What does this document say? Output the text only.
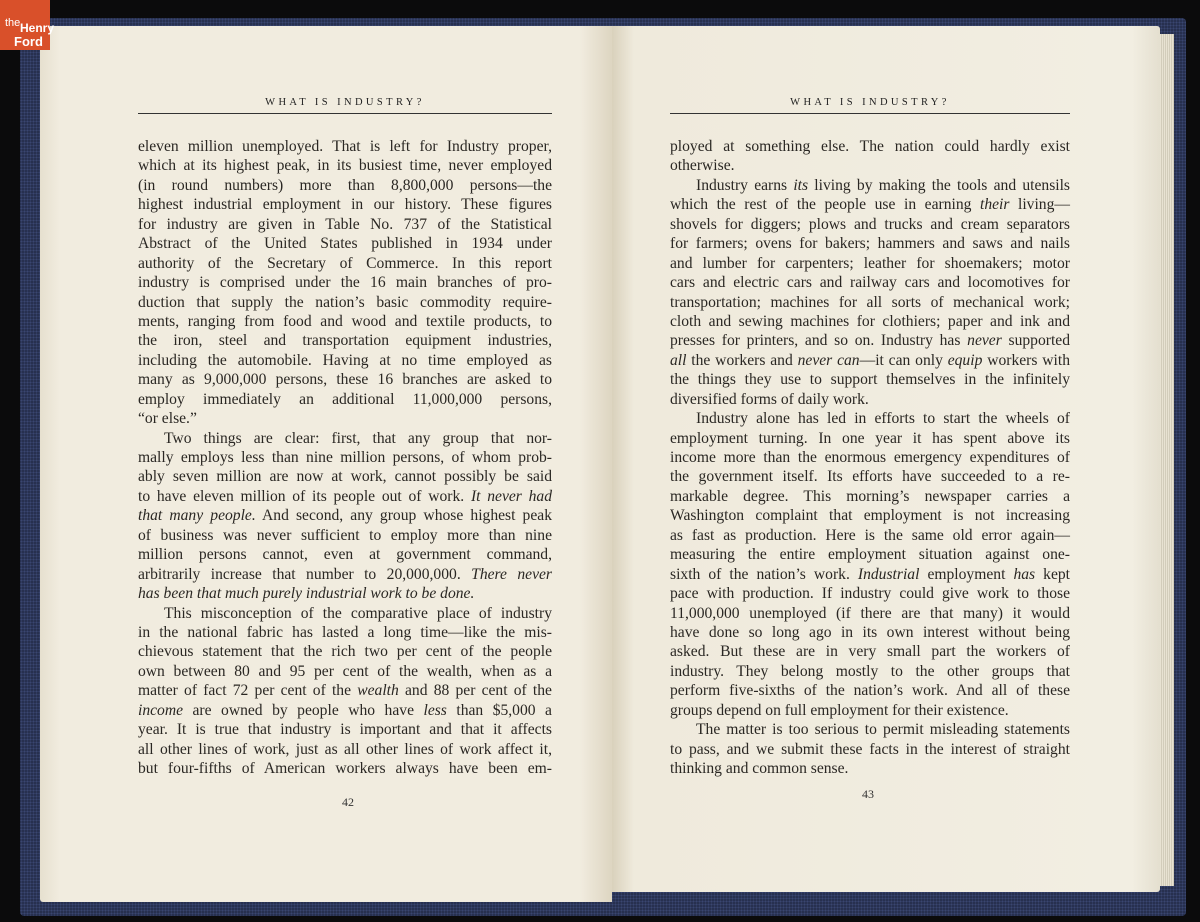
the Henry
Ford
WHAT IS INDUSTRY?
eleven million unemployed. That is left for Industry proper,
which at its highest peak, in its busiest time, never employed
(in round numbers) more than 8,800,000 persons—the
highest industrial employment in our history. These figures
for industry are given in Table No. 737 of the Statistical
Abstract of the United States published in 1934 under
authority of the Secretary of Commerce. In this report
industry is comprised under the 16 main branches of pro-
duction that supply the nation’s basic commodity require-
ments, ranging from food and wood and textile products, to
the iron, steel and transportation equipment industries,
including the automobile. Having at no time employed as
many as 9,000,000 persons, these 16 branches are asked to
employ immediately an additional 11,000,000 persons,
“or else.”
Two things are clear: first, that any group that nor-
mally employs less than nine million persons, of whom prob-
ably seven million are now at work, cannot possibly be said
to have eleven million of its people out of work. It never had
that many people. And second, any group whose highest peak
of business was never sufficient to employ more than nine
million persons cannot, even at government command,
arbitrarily increase that number to 20,000,000. There never
has been that much purely industrial work to be done.
This misconception of the comparative place of industry
in the national fabric has lasted a long time—like the mis-
chievous statement that the rich two per cent of the people
own between 80 and 95 per cent of the wealth, when as a
matter of fact 72 per cent of the wealth and 88 per cent of the
income are owned by people who have less than $5,000 a
year. It is true that industry is important and that it affects
all other lines of work, just as all other lines of work affect it,
but four-fifths of American workers always have been em-
42
WHAT IS INDUSTRY?
ployed at something else. The nation could hardly exist
otherwise.
Industry earns its living by making the tools and utensils
which the rest of the people use in earning their living—
shovels for diggers; plows and trucks and cream separators
for farmers; ovens for bakers; hammers and saws and nails
and lumber for carpenters; leather for shoemakers; motor
cars and electric cars and railway cars and locomotives for
transportation; machines for all sorts of mechanical work;
cloth and sewing machines for clothiers; paper and ink and
presses for printers, and so on. Industry has never supported
all the workers and never can—it can only equip workers with
the things they use to support themselves in the infinitely
diversified forms of daily work.
Industry alone has led in efforts to start the wheels of
employment turning. In one year it has spent above its
income more than the enormous emergency expenditures of
the government itself. Its efforts have succeeded to a re-
markable degree. This morning’s newspaper carries a
Washington complaint that employment is not increasing
as fast as production. Here is the same old error again—
measuring the entire employment situation against one-
sixth of the nation’s work. Industrial employment has kept
pace with production. If industry could give work to those
11,000,000 unemployed (if there are that many) it would
have done so long ago in its own interest without being
asked. But these are in very small part the workers of
industry. They belong mostly to the other groups that
perform five-sixths of the nation’s work. And all of these
groups depend on full employment for their existence.
The matter is too serious to permit misleading statements
to pass, and we submit these facts in the interest of straight
thinking and common sense.
43
